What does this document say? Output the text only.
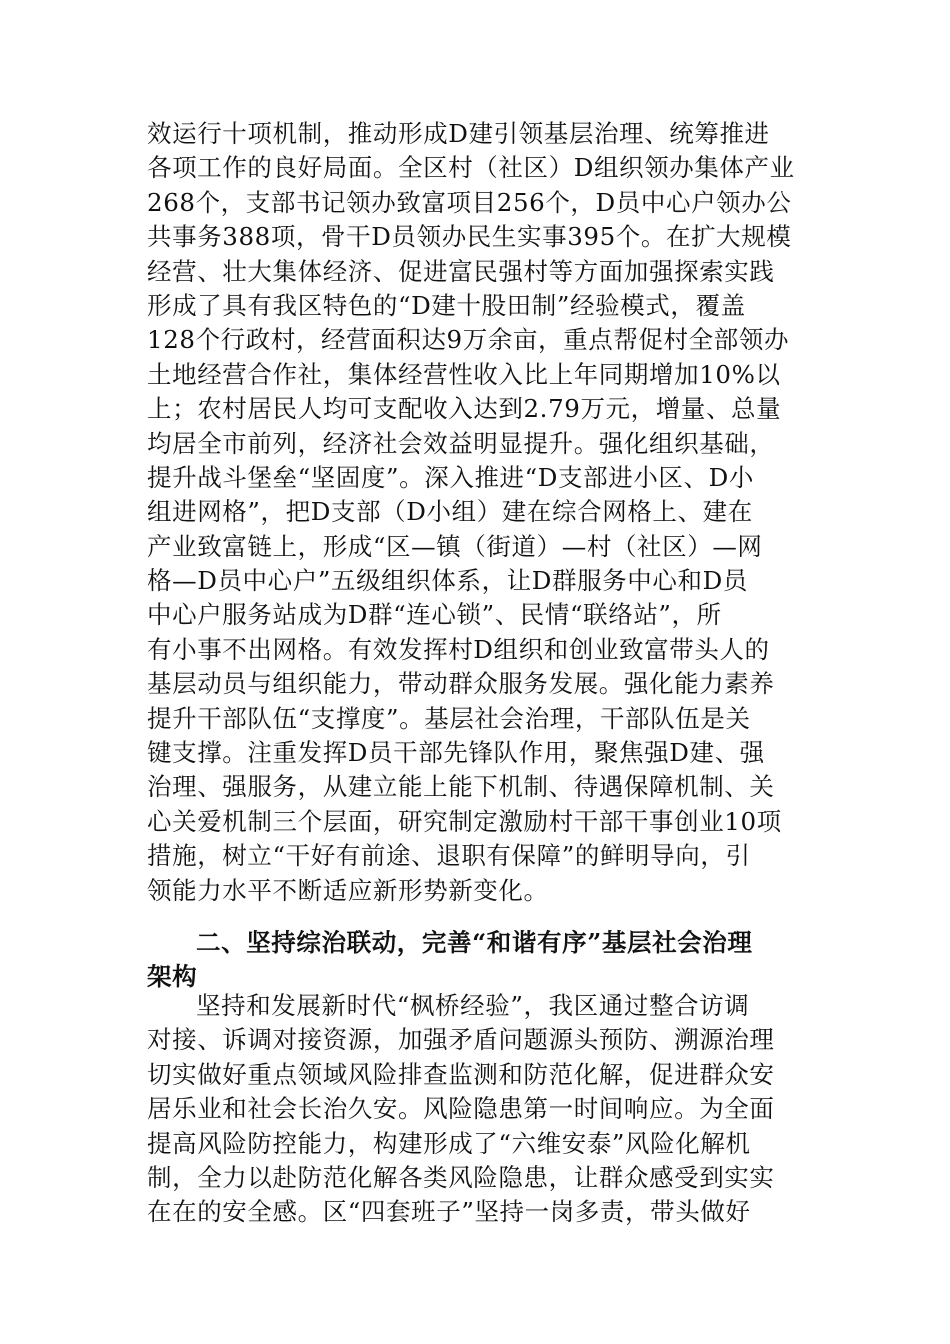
效运行十项机制，推动形成D建引领基层治理、统筹推进
各项工作的良好局面。全区村（社区）D组织领办集体产业
268个，支部书记领办致富项目256个，D员中心户领办公
共事务388项，骨干D员领办民生实事395个。在扩大规模
经营、壮大集体经济、促进富民强村等方面加强探索实践
形成了具有我区特色的“D建十股田制”经验模式，覆盖
128个行政村，经营面积达9万余亩，重点帮促村全部领办
土地经营合作社，集体经营性收入比上年同期增加10%以
上；农村居民人均可支配收入达到2.79万元，增量、总量
均居全市前列，经济社会效益明显提升。强化组织基础，
提升战斗堡垒“坚固度”。深入推进“D支部进小区、D小
组进网格”，把D支部（D小组）建在综合网格上、建在
产业致富链上，形成“区—镇（街道）—村（社区）—网
格—D员中心户”五级组织体系，让D群服务中心和D员
中心户服务站成为D群“连心锁”、民情“联络站”，所
有小事不出网格。有效发挥村D组织和创业致富带头人的
基层动员与组织能力，带动群众服务发展。强化能力素养
提升干部队伍“支撑度”。基层社会治理，干部队伍是关
键支撑。注重发挥D员干部先锋队作用，聚焦强D建、强
治理、强服务，从建立能上能下机制、待遇保障机制、关
心关爱机制三个层面，研究制定激励村干部干事创业10项
措施，树立“干好有前途、退职有保障”的鲜明导向，引
领能力水平不断适应新形势新变化。
二、坚持综治联动，完善“和谐有序”基层社会治理
架构
坚持和发展新时代“枫桥经验”，我区通过整合访调
对接、诉调对接资源，加强矛盾问题源头预防、溯源治理
切实做好重点领域风险排查监测和防范化解，促进群众安
居乐业和社会长治久安。风险隐患第一时间响应。为全面
提高风险防控能力，构建形成了“六维安泰”风险化解机
制，全力以赴防范化解各类风险隐患，让群众感受到实实
在在的安全感。区“四套班子”坚持一岗多责，带头做好
